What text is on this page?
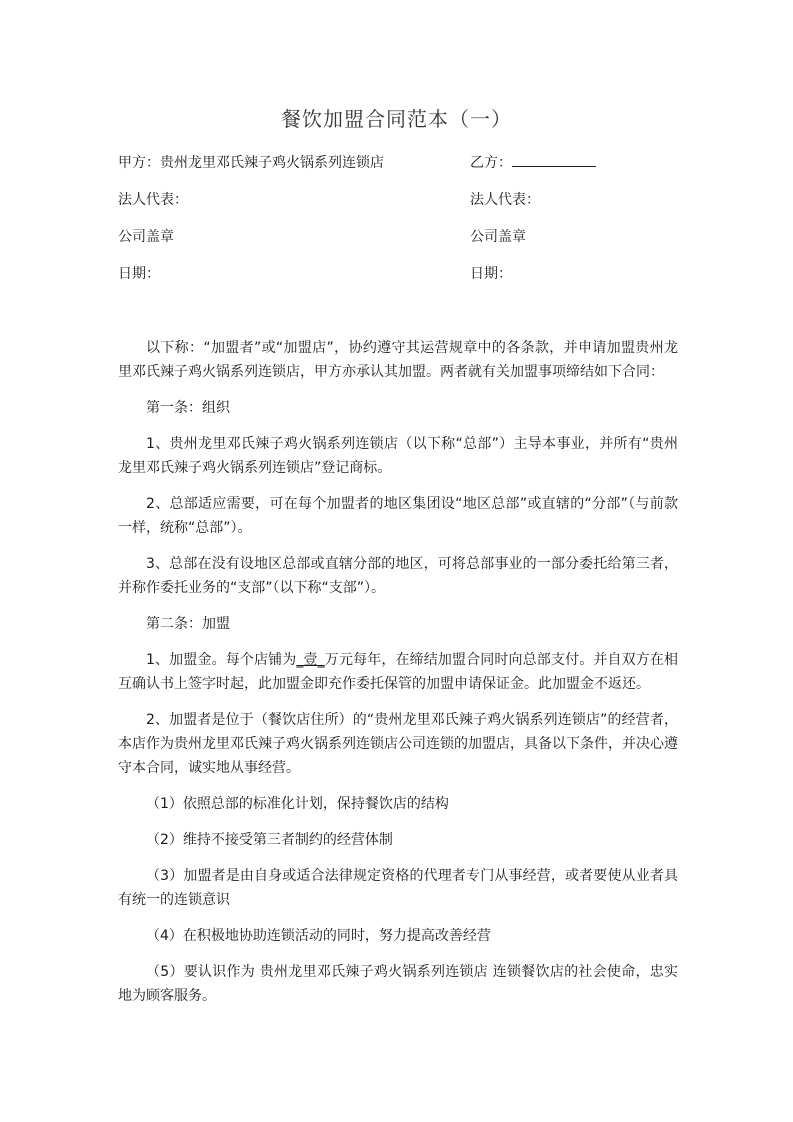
餐饮加盟合同范本（一）
甲方：贵州龙里邓氏辣子鸡火锅系列连锁店	乙方：
法人代表：	法人代表：
公司盖章	公司盖章
日期：	日期：

以下称：“加盟者”或“加盟店”，协约遵守其运营规章中的各条款，并申请加盟贵州龙里邓氏辣子鸡火锅系列连锁店，甲方亦承认其加盟。两者就有关加盟事项缔结如下合同：

第一条：组织

1、贵州龙里邓氏辣子鸡火锅系列连锁店（以下称“总部”）主导本事业，并所有“贵州龙里邓氏辣子鸡火锅系列连锁店”登记商标。

2、总部适应需要，可在每个加盟者的地区集团设“地区总部”或直辖的“分部”（与前款一样，统称“总部”）。

3、总部在没有设地区总部或直辖分部的地区，可将总部事业的一部分委托给第三者，并称作委托业务的“支部”（以下称“支部”）。

第二条：加盟

1、加盟金。每个店铺为_壹_万元每年，在缔结加盟合同时向总部支付。并自双方在相互确认书上签字时起，此加盟金即充作委托保管的加盟申请保证金。此加盟金不返还。

2、加盟者是位于（餐饮店住所）的“贵州龙里邓氏辣子鸡火锅系列连锁店”的经营者，本店作为贵州龙里邓氏辣子鸡火锅系列连锁店公司连锁的加盟店，具备以下条件，并决心遵守本合同，诚实地从事经营。

（1）依照总部的标准化计划，保持餐饮店的结构

（2）维持不接受第三者制约的经营体制

（3）加盟者是由自身或适合法律规定资格的代理者专门从事经营，或者要使从业者具有统一的连锁意识

（4）在积极地协助连锁活动的同时，努力提高改善经营

（5）要认识作为 贵州龙里邓氏辣子鸡火锅系列连锁店 连锁餐饮店的社会使命，忠实地为顾客服务。
